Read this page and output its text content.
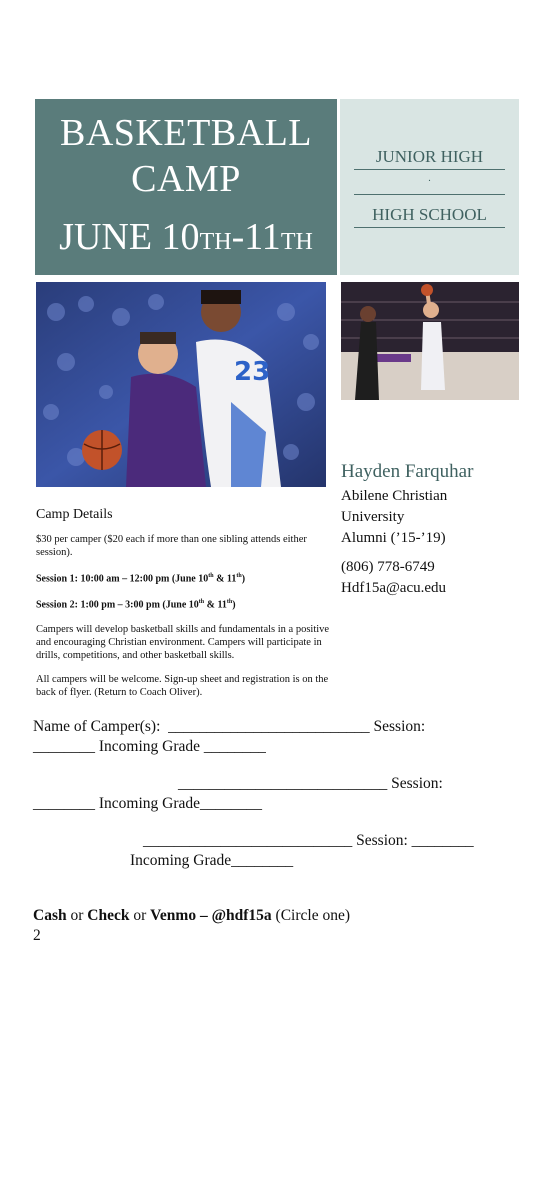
BASKETBALL
CAMP
JUNE 10TH-11TH
JUNIOR HIGH
.
HIGH SCHOOL
23
Hayden Farquhar
Abilene Christian
University
Alumni (’15-’19)
(806) 778-6749
Hdf15a@acu.edu
Camp Details

$30 per camper ($20 each if more than one sibling attends either session).

Session 1: 10:00 am – 12:00 pm (June 10th & 11th)

Session 2: 1:00 pm – 3:00 pm (June 10th & 11th)

Campers will develop basketball skills and fundamentals in a positive and encouraging Christian environment. Campers will participate in drills, competitions, and other basketball skills.

All campers will be welcome. Sign-up sheet and registration is on the back of flyer. (Return to Coach Oliver).

Name of Camper(s):  __________________________ Session:
________ Incoming Grade ________
___________________________ Session:
________ Incoming Grade________
___________________________ Session: ________
Incoming Grade________
Cash or Check or Venmo – @hdf15a (Circle one)
2
